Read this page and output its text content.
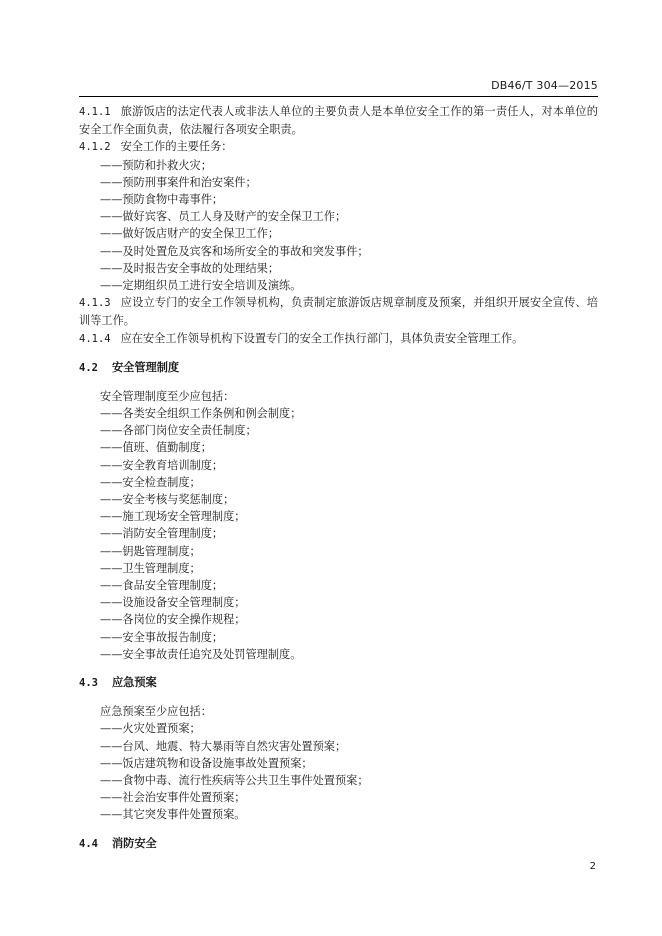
DB46/T 304—2015

4.1.1 旅游饭店的法定代表人或非法人单位的主要负责人是本单位安全工作的第一责任人，对本单位的安全工作全面负责，依法履行各项安全职责。

4.1.2 安全工作的主要任务：

——预防和扑救火灾；

——预防刑事案件和治安案件；

——预防食物中毒事件；

——做好宾客、员工人身及财产的安全保卫工作；

——做好饭店财产的安全保卫工作；

——及时处置危及宾客和场所安全的事故和突发事件；

——及时报告安全事故的处理结果；

——定期组织员工进行安全培训及演练。

4.1.3 应设立专门的安全工作领导机构，负责制定旅游饭店规章制度及预案，并组织开展安全宣传、培训等工作。

4.1.4 应在安全工作领导机构下设置专门的安全工作执行部门，具体负责安全管理工作。

4.2 安全管理制度

安全管理制度至少应包括：

——各类安全组织工作条例和例会制度；

——各部门岗位安全责任制度；

——值班、值勤制度；

——安全教育培训制度；

——安全检查制度；

——安全考核与奖惩制度；

——施工现场安全管理制度；

——消防安全管理制度；

——钥匙管理制度；

——卫生管理制度；

——食品安全管理制度；

——设施设备安全管理制度；

——各岗位的安全操作规程；

——安全事故报告制度；

——安全事故责任追究及处罚管理制度。

4.3 应急预案

应急预案至少应包括：

——火灾处置预案；

——台风、地震、特大暴雨等自然灾害处置预案；

——饭店建筑物和设备设施事故处置预案；

——食物中毒、流行性疾病等公共卫生事件处置预案；

——社会治安事件处置预案；

——其它突发事件处置预案。

4.4 消防安全
2
